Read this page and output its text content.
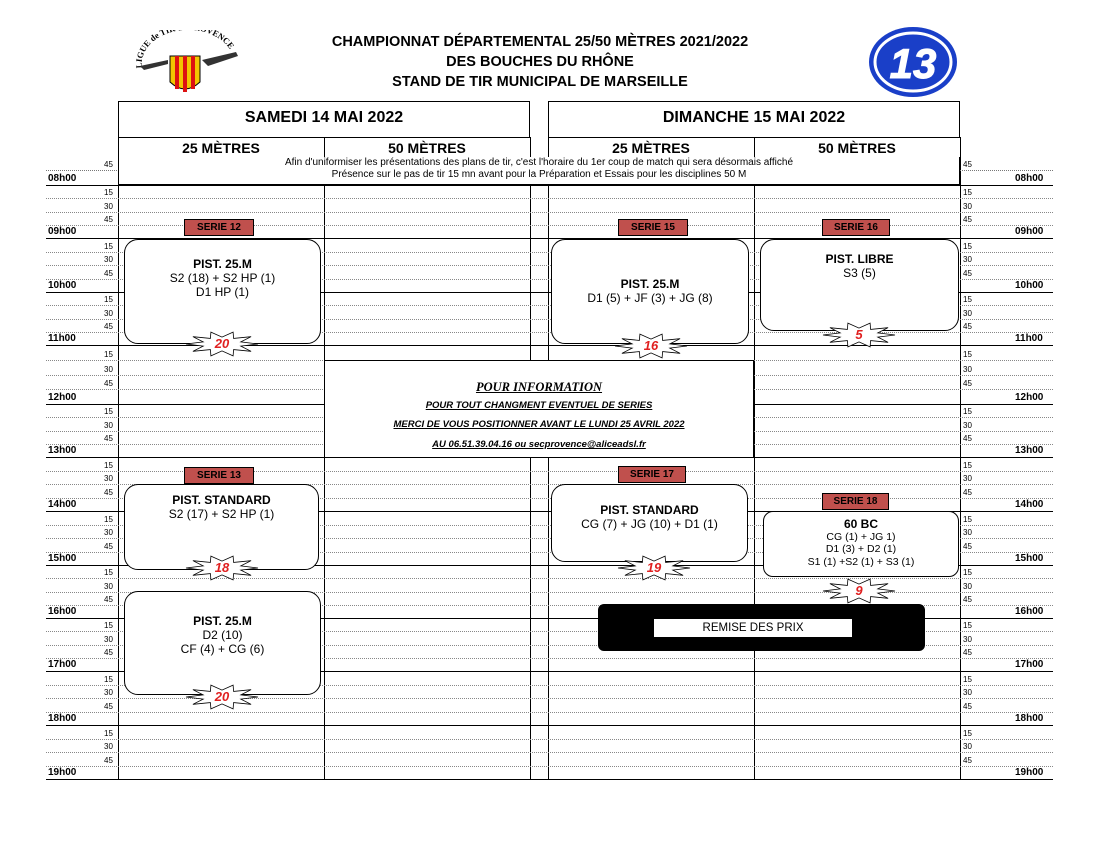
LIGUE de TI VENCE	CHAMPIONNAT DÉPARTEMENTAL 25/50 MÈTRES 2021/2022
DES BOUCHES DU RHÔNE
STAND DE TIR MUNICIPAL DE MARSEILLE	13
SAMEDI 14 MAI 2022	DIMANCHE 15 MAI 2022
25 MÈTRES	50 MÈTRES	25 MÈTRES	50 MÈTRES
45	45
08h00	08h00
15	15
30	30
45	45
09h00	09h00
15	15
30	30
45	45
10h00	10h00
15	15
30	30
45	45
11h00	11h00
15	15
30	30
45	45
12h00	12h00
15	15
30	30
45	45
13h00	13h00
15	15
30	30
45	45
14h00	14h00
15	15
30	30
45	45
15h00	15h00
15	15
30	30
45	45
16h00	16h00
15	15
30	30
45	45
17h00	17h00
15	15
30	30
45	45
18h00	18h00
15	15
30	30
45	45
19h00	19h00
Afin d'uniformiser les présentations des plans de tir, c'est l'horaire du 1er coup de match qui sera désormais affiché
Présence sur le pas de tir 15 mn avant pour la Préparation et Essais pour les disciplines 50 M
SERIE 12
PIST. 25.M
S2 (18) + S2 HP (1)
D1 HP (1)
20
SERIE 15
PIST. 25.M
D1 (5) + JF (3) + JG (8)
16
SERIE 16
PIST. LIBRE
S3 (5)
5
SERIE 13
PIST. STANDARD
S2 (17) + S2 HP (1)
18
SERIE 17
PIST. STANDARD
CG (7) + JG (10) + D1 (1)
19
SERIE 18
60 BC
CG (1) + JG 1)
D1 (3) + D2 (1)
S1 (1) +S2 (1) + S3 (1)
9
PIST. 25.M
D2 (10)
CF (4) + CG (6)
20
POUR INFORMATION
POUR TOUT CHANGMENT EVENTUEL DE SERIES
MERCI DE VOUS POSITIONNER AVANT LE LUNDI 25 AVRIL 2022
AU 06.51.39.04.16 ou secprovence@aliceadsl.fr
REMISE DES PRIX
